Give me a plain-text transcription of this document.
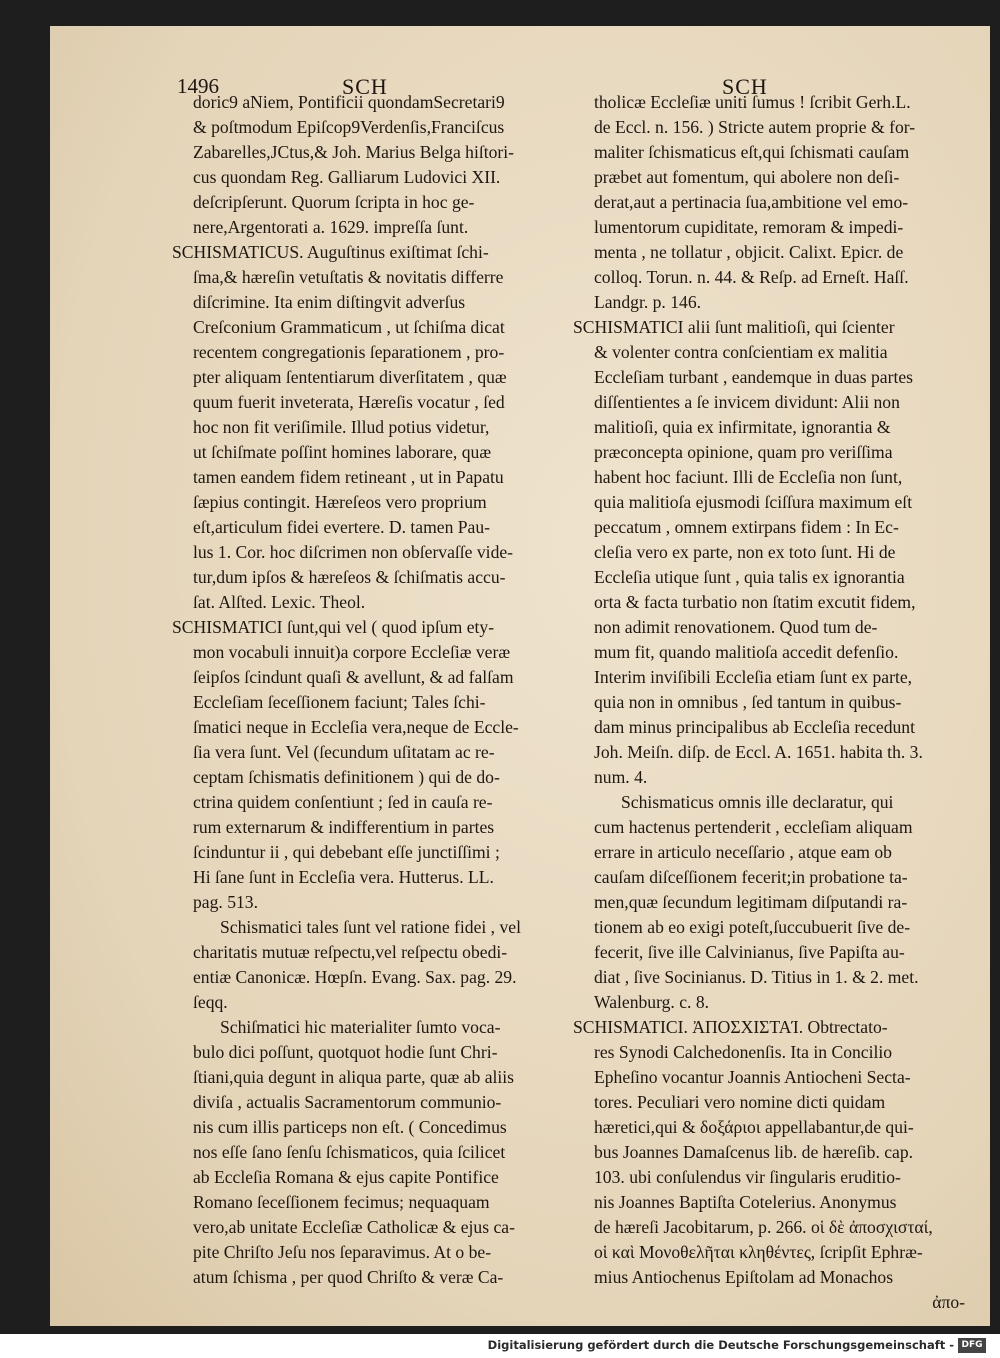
1496	SCH	SCH
doric9 aNiem, Pontificii quondamSecretari9
& poſtmodum Epiſcop9Verdenſis,Franciſcus
Zabarelles,JCtus,& Joh. Marius Belga hiſtori-
cus quondam Reg. Galliarum Ludovici XII.
deſcripſerunt. Quorum ſcripta in hoc ge-
nere,Argentorati a. 1629. impreſſa ſunt.
SCHISMATICUS. Auguſtinus exiſtimat ſchi-
ſma,& hæreſin vetuſtatis & novitatis differre
diſcrimine. Ita enim diſtingvit adverſus
Creſconium Grammaticum , ut ſchiſma dicat
recentem congregationis ſeparationem , pro-
pter aliquam ſententiarum diverſitatem , quæ
quum fuerit inveterata, Hæreſis vocatur , ſed
hoc non fit veriſimile. Illud potius videtur,
ut ſchiſmate poſſint homines laborare, quæ
tamen eandem fidem retineant , ut in Papatu
ſæpius contingit. Hæreſeos vero proprium
eſt,articulum fidei evertere. D. tamen Pau-
lus 1. Cor. hoc diſcrimen non obſervaſſe vide-
tur,dum ipſos & hæreſeos & ſchiſmatis accu-
ſat. Alſted. Lexic. Theol.
SCHISMATICI ſunt,qui vel ( quod ipſum ety-
mon vocabuli innuit)a corpore Eccleſiæ veræ
ſeipſos ſcindunt quaſi & avellunt, & ad falſam
Eccleſiam ſeceſſionem faciunt; Tales ſchi-
ſmatici neque in Eccleſia vera,neque de Eccle-
ſia vera ſunt. Vel (ſecundum uſitatam ac re-
ceptam ſchismatis definitionem ) qui de do-
ctrina quidem conſentiunt ; ſed in cauſa re-
rum externarum & indifferentium in partes
ſcinduntur ii , qui debebant eſſe junctiſſimi ;
Hi ſane ſunt in Eccleſia vera. Hutterus. LL.
pag. 513.
Schismatici tales ſunt vel ratione fidei , vel
charitatis mutuæ reſpectu,vel reſpectu obedi-
entiæ Canonicæ. Hœpſn. Evang. Sax. pag. 29.
ſeqq.
Schiſmatici hic materialiter ſumto voca-
bulo dici poſſunt, quotquot hodie ſunt Chri-
ſtiani,quia degunt in aliqua parte, quæ ab aliis
diviſa , actualis Sacramentorum communio-
nis cum illis particeps non eſt. ( Concedimus
nos eſſe ſano ſenſu ſchismaticos, quia ſcilicet
ab Eccleſia Romana & ejus capite Pontifice
Romano ſeceſſionem fecimus; nequaquam
vero,ab unitate Eccleſiæ Catholicæ & ejus ca-
pite Chriſto Jeſu nos ſeparavimus. At o be-
atum ſchisma , per quod Chriſto & veræ Ca-
tholicæ Eccleſiæ uniti ſumus ! ſcribit Gerh.L.
de Eccl. n. 156. ) Stricte autem proprie & for-
maliter ſchismaticus eſt,qui ſchismati cauſam
præbet aut fomentum, qui abolere non deſi-
derat,aut a pertinacia ſua,ambitione vel emo-
lumentorum cupiditate, remoram & impedi-
menta , ne tollatur , objicit. Calixt. Epicr. de
colloq. Torun. n. 44. & Reſp. ad Erneſt. Haſſ.
Landgr. p. 146.
SCHISMATICI alii ſunt malitioſi, qui ſcienter
& volenter contra conſcientiam ex malitia
Eccleſiam turbant , eandemque in duas partes
diſſentientes a ſe invicem dividunt: Alii non
malitioſi, quia ex infirmitate, ignorantia &
præconcepta opinione, quam pro veriſſima
habent hoc faciunt. Illi de Eccleſia non ſunt,
quia malitioſa ejusmodi ſciſſura maximum eſt
peccatum , omnem extirpans fidem : In Ec-
cleſia vero ex parte, non ex toto ſunt. Hi de
Eccleſia utique ſunt , quia talis ex ignorantia
orta & facta turbatio non ſtatim excutit fidem,
non adimit renovationem. Quod tum de-
mum fit, quando malitioſa accedit defenſio.
Interim inviſibili Eccleſia etiam ſunt ex parte,
quia non in omnibus , ſed tantum in quibus-
dam minus principalibus ab Eccleſia recedunt
Joh. Meiſn. diſp. de Eccl. A. 1651. habita th. 3.
num. 4.
Schismaticus omnis ille declaratur, qui
cum hactenus pertenderit , eccleſiam aliquam
errare in articulo neceſſario , atque eam ob
cauſam diſceſſionem fecerit;in probatione ta-
men,quæ ſecundum legitimam diſputandi ra-
tionem ab eo exigi poteſt,ſuccubuerit ſive de-
fecerit, ſive ille Calvinianus, ſive Papiſta au-
diat , ſive Socinianus. D. Titius in 1. & 2. met.
Walenburg. c. 8.
SCHISMATICI. ἈΠΟΣΧΙΣΤΑΊ. Obtrectato-
res Synodi Calchedonenſis. Ita in Concilio
Epheſino vocantur Joannis Antiocheni Secta-
tores. Peculiari vero nomine dicti quidam
hæretici,qui & δοξάριοι appellabantur,de qui-
bus Joannes Damaſcenus lib. de hæreſib. cap.
103. ubi conſulendus vir ſingularis eruditio-
nis Joannes Baptiſta Cotelerius. Anonymus
de hæreſi Jacobitarum, p. 266. οἱ δὲ ἀποσχισταί,
οἱ καὶ Μονοθελῆται κληθέντες, ſcripſit Ephræ-
mius Antiochenus Epiſtolam ad Monachos
ἀπο-
Digitalisierung gefördert durch die Deutsche Forschungsgemeinschaft - DFG
